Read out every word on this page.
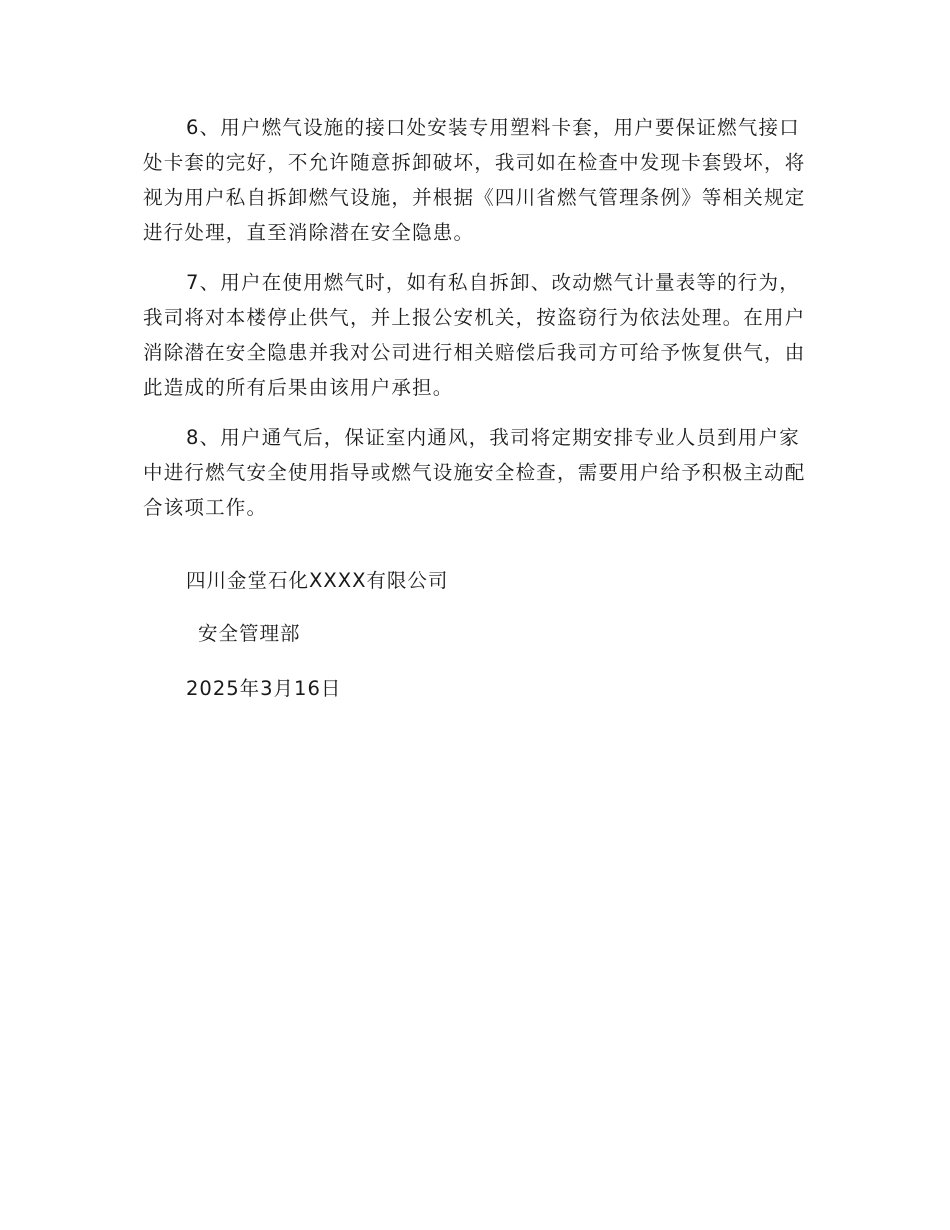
6、用户燃气设施的接口处安装专用塑料卡套，用户要保证燃气接口处卡套的完好，不允许随意拆卸破坏，我司如在检查中发现卡套毁坏，将视为用户私自拆卸燃气设施，并根据《四川省燃气管理条例》等相关规定进行处理，直至消除潜在安全隐患。

7、用户在使用燃气时，如有私自拆卸、改动燃气计量表等的行为，我司将对本楼停止供气，并上报公安机关，按盗窃行为依法处理。在用户消除潜在安全隐患并我对公司进行相关赔偿后我司方可给予恢复供气，由此造成的所有后果由该用户承担。

8、用户通气后，保证室内通风，我司将定期安排专业人员到用户家中进行燃气安全使用指导或燃气设施安全检查，需要用户给予积极主动配合该项工作。

四川金堂石化XXXX有限公司
安全管理部
2025年3月16日
